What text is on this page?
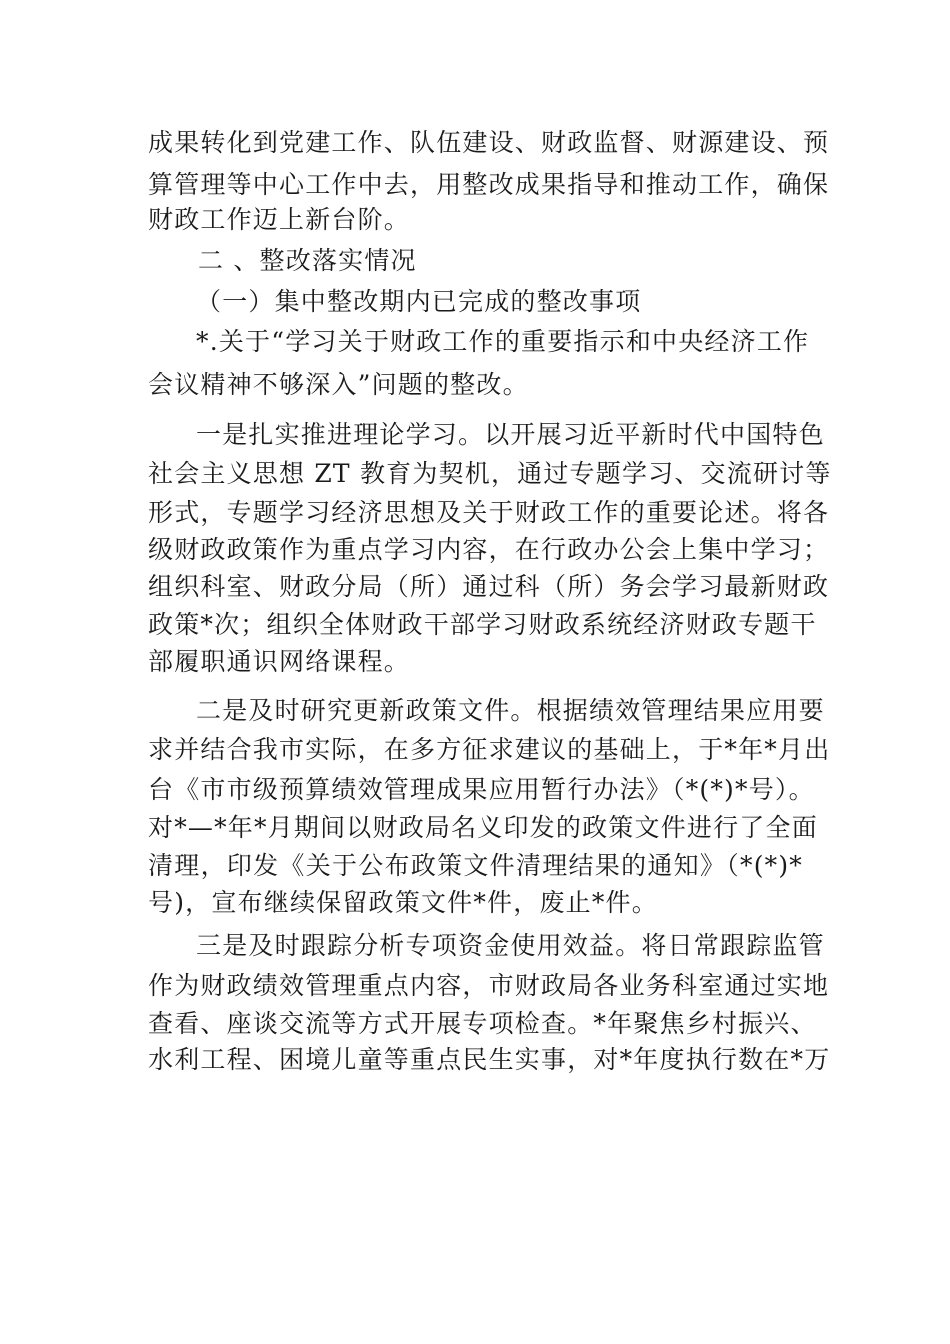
成果转化到党建工作、队伍建设、财政监督、财源建设、预
算管理等中心工作中去，用整改成果指导和推动工作，确保
财政工作迈上新台阶。
二 、整改落实情况
（一）集中整改期内已完成的整改事项
*.关于“学习关于财政工作的重要指示和中央经济工作
会议精神不够深入”问题的整改。
一是扎实推进理论学习。以开展习近平新时代中国特色
社会主义思想 ZT 教育为契机，通过专题学习、交流研讨等
形式，专题学习经济思想及关于财政工作的重要论述。将各
级财政政策作为重点学习内容，在行政办公会上集中学习；
组织科室、财政分局（所）通过科（所）务会学习最新财政
政策*次；组织全体财政干部学习财政系统经济财政专题干
部履职通识网络课程。
二是及时研究更新政策文件。根据绩效管理结果应用要
求并结合我市实际，在多方征求建议的基础上，于*年*月出
台《市市级预算绩效管理成果应用暂行办法》（*(*)*号）。
对*—*年*月期间以财政局名义印发的政策文件进行了全面
清理，印发《关于公布政策文件清理结果的通知》（*(*)*
号)，宣布继续保留政策文件*件，废止*件。
三是及时跟踪分析专项资金使用效益。将日常跟踪监管
作为财政绩效管理重点内容，市财政局各业务科室通过实地
查看、座谈交流等方式开展专项检查。*年聚焦乡村振兴、
水利工程、困境儿童等重点民生实事，对*年度执行数在*万
